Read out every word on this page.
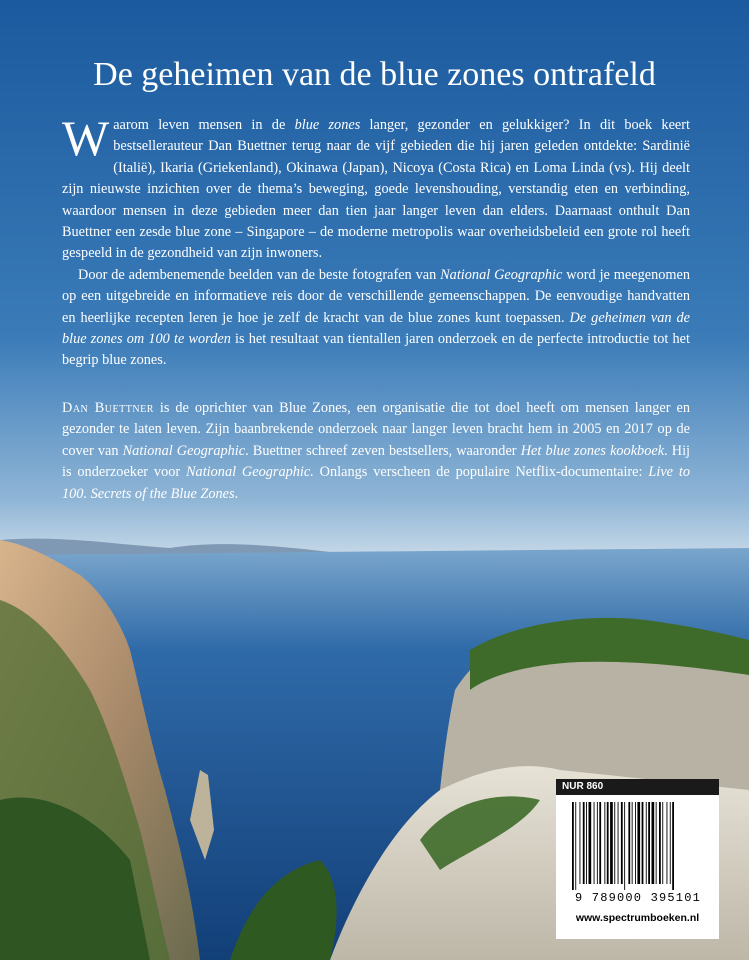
De geheimen van de blue zones ontrafeld

Waarom leven mensen in de blue zones langer, gezonder en gelukkiger? In dit boek keert bestsellerauteur Dan Buettner terug naar de vijf gebieden die hij jaren geleden ontdekte: Sardinië (Italië), Ikaria (Griekenland), Okinawa (Japan), Nicoya (Costa Rica) en Loma Linda (vs). Hij deelt zijn nieuwste inzichten over de thema’s beweging, goede levenshouding, verstandig eten en verbinding, waardoor mensen in deze gebieden meer dan tien jaar langer leven dan elders. Daarnaast onthult Dan Buettner een zesde blue zone – Singapore – de moderne metropolis waar overheidsbeleid een grote rol heeft gespeeld in de gezondheid van zijn inwoners.

Door de adembenemende beelden van de beste fotografen van National Geographic word je meegenomen op een uitgebreide en informatieve reis door de verschillende gemeenschappen. De eenvoudige handvatten en heerlijke recepten leren je hoe je zelf de kracht van de blue zones kunt toepassen. De geheimen van de blue zones om 100 te worden is het resultaat van tientallen jaren onderzoek en de perfecte introductie tot het begrip blue zones.

Dan Buettner is de oprichter van Blue Zones, een organisatie die tot doel heeft om mensen langer en gezonder te laten leven. Zijn baanbrekende onderzoek naar langer leven bracht hem in 2005 en 2017 op de cover van National Geographic. Buettner schreef zeven bestsellers, waaronder Het blue zones kookboek. Hij is onderzoeker voor National Geographic. Onlangs verscheen de populaire Netflix-documentaire: Live to 100. Secrets of the Blue Zones.

NUR 860
9 789000 395101
www.spectrumboeken.nl
